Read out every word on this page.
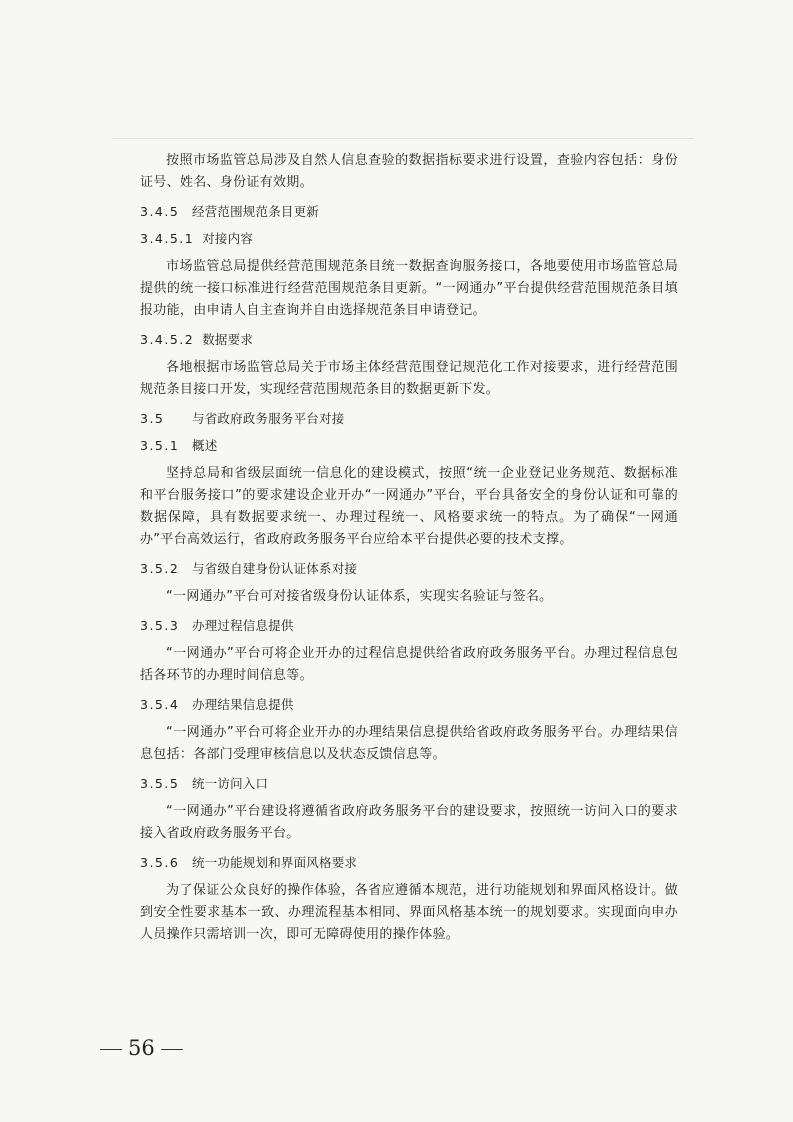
按照市场监管总局涉及自然人信息查验的数据指标要求进行设置，查验内容包括：身份证号、姓名、身份证有效期。

3.4.5 经营范围规范条目更新
3.4.5.1 对接内容

市场监管总局提供经营范围规范条目统一数据查询服务接口，各地要使用市场监管总局提供的统一接口标准进行经营范围规范条目更新。“一网通办”平台提供经营范围规范条目填报功能，由申请人自主查询并自由选择规范条目申请登记。

3.4.5.2 数据要求

各地根据市场监管总局关于市场主体经营范围登记规范化工作对接要求，进行经营范围规范条目接口开发，实现经营范围规范条目的数据更新下发。

3.5 与省政府政务服务平台对接
3.5.1 概述

坚持总局和省级层面统一信息化的建设模式，按照“统一企业登记业务规范、数据标准和平台服务接口”的要求建设企业开办“一网通办”平台，平台具备安全的身份认证和可靠的数据保障，具有数据要求统一、办理过程统一、风格要求统一的特点。为了确保“一网通办”平台高效运行，省政府政务服务平台应给本平台提供必要的技术支撑。

3.5.2 与省级自建身份认证体系对接

“一网通办”平台可对接省级身份认证体系，实现实名验证与签名。

3.5.3 办理过程信息提供

“一网通办”平台可将企业开办的过程信息提供给省政府政务服务平台。办理过程信息包括各环节的办理时间信息等。

3.5.4 办理结果信息提供

“一网通办”平台可将企业开办的办理结果信息提供给省政府政务服务平台。办理结果信息包括：各部门受理审核信息以及状态反馈信息等。

3.5.5 统一访问入口

“一网通办”平台建设将遵循省政府政务服务平台的建设要求，按照统一访问入口的要求接入省政府政务服务平台。

3.5.6 统一功能规划和界面风格要求

为了保证公众良好的操作体验，各省应遵循本规范，进行功能规划和界面风格设计。做到安全性要求基本一致、办理流程基本相同、界面风格基本统一的规划要求。实现面向申办人员操作只需培训一次，即可无障碍使用的操作体验。

56
